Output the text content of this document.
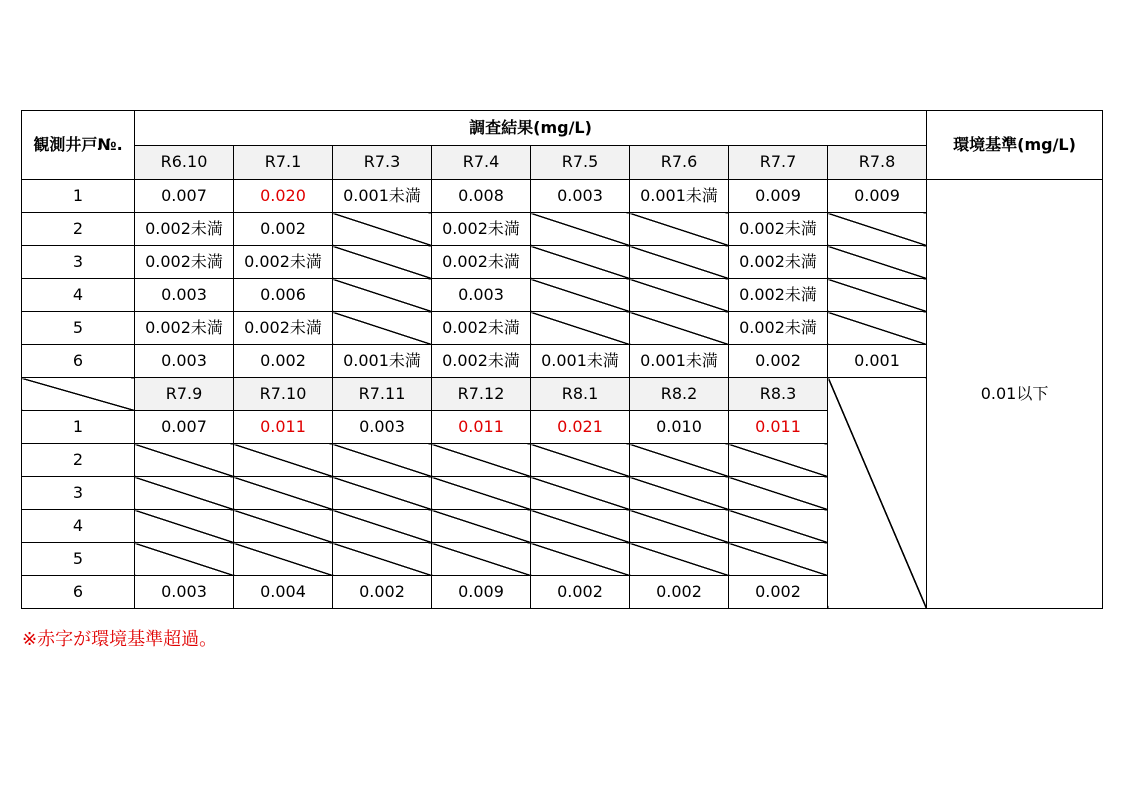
観測井戸№.	調査結果(mg/L)								環境基準(mg/L)
	R6.10	R7.1	R7.3	R7.4	R7.5	R7.6	R7.7	R7.8	
1	0.007	0.020	0.001未満	0.008	0.003	0.001未満	0.009	0.009	0.01以下
2	0.002未満	0.002		0.002未満			0.002未満		
3	0.002未満	0.002未満		0.002未満			0.002未満		
4	0.003	0.006		0.003			0.002未満		
5	0.002未満	0.002未満		0.002未満			0.002未満		
6	0.003	0.002	0.001未満	0.002未満	0.001未満	0.001未満	0.002	0.001	
	R7.9	R7.10	R7.11	R7.12	R8.1	R8.2	R8.3		
1	0.007	0.011	0.003	0.011	0.021	0.010	0.011		
2									
3									
4									
5									
6	0.003	0.004	0.002	0.009	0.002	0.002	0.002		
※赤字が環境基準超過。
